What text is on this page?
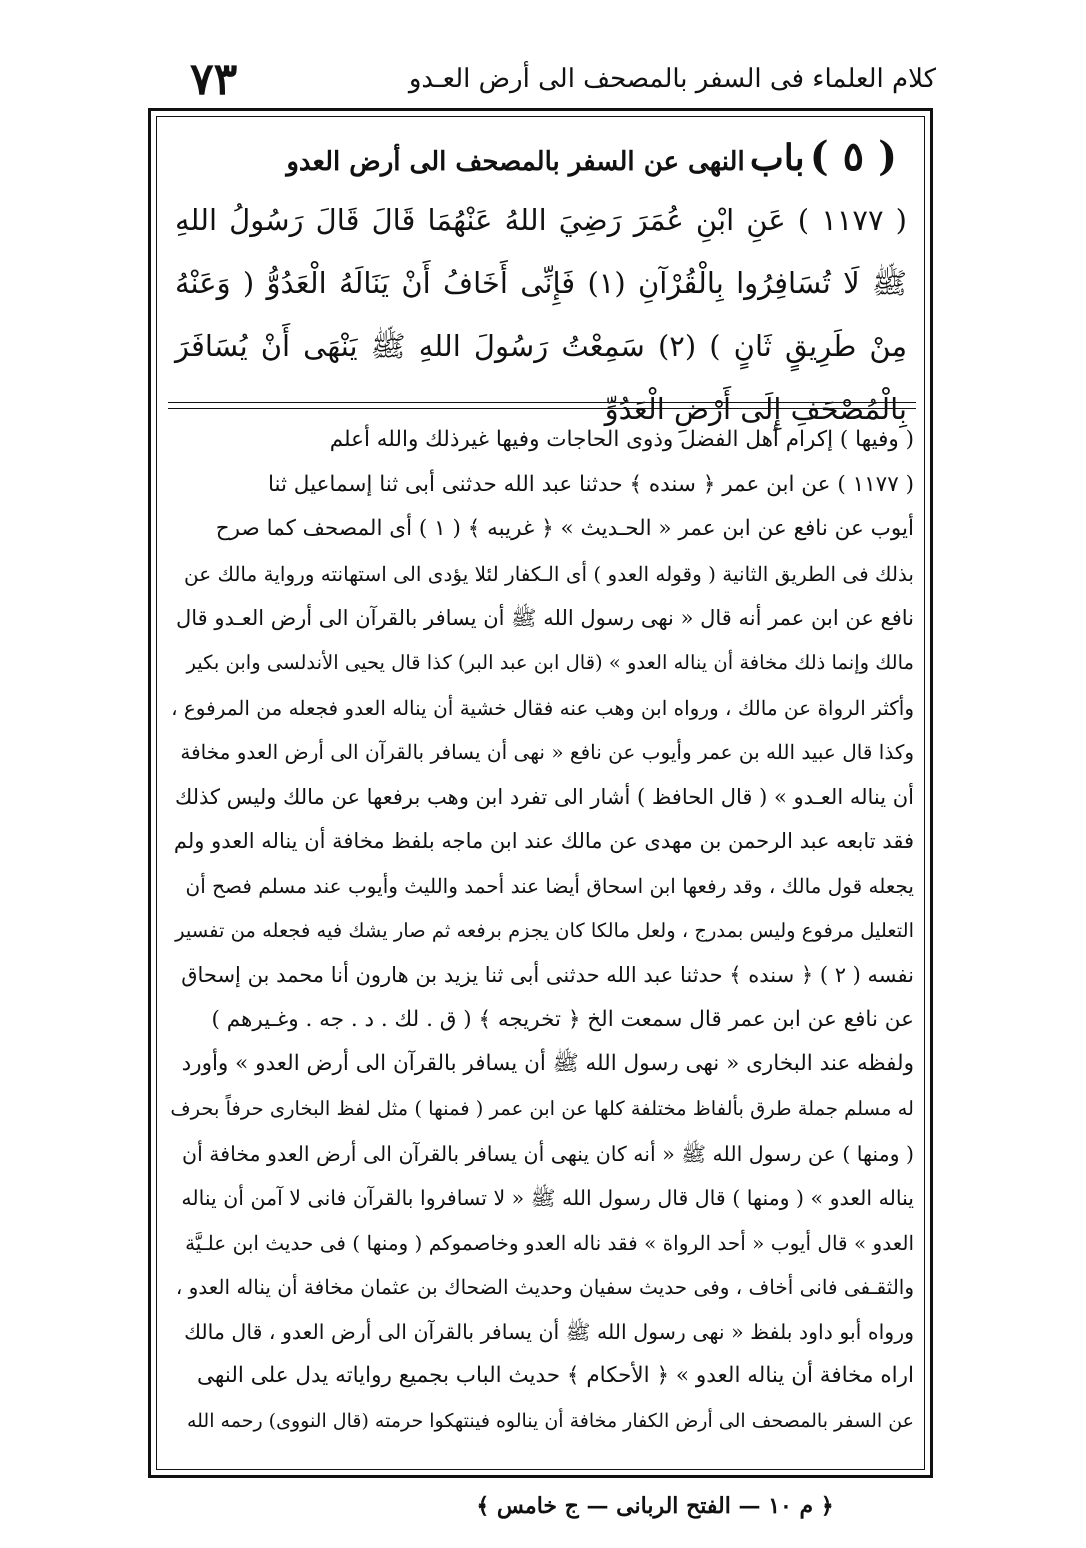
٧٣	كلام العلماء فى السفر بالمصحف الى أرض العـدو
( ٥ ) باب النهى عن السفر بالمصحف الى أرض العدو
( ١١٧٧ ) عَنِ ابْنِ عُمَرَ رَضِيَ اللهُ عَنْهُمَا قَالَ قَالَ رَسُولُ اللهِ ﷺ لَا تُسَافِرُوا بِالْقُرْآنِ (١) فَإِنِّى أَخَافُ أَنْ يَنَالَهُ الْعَدُوُّ ( وَعَنْهُ مِنْ طَرِيقٍ ثَانٍ ) (٢) سَمِعْتُ رَسُولَ اللهِ ﷺ يَنْهَى أَنْ يُسَافَرَ بِالْمُصْحَفِ إِلَى أَرْضِ الْعَدُوِّ
( وفيها ) إكرام أهل الفضل وذوى الحاجات وفيها غيرذلك والله أعلم
( ١١٧٧ ) عن ابن عمر ﴿ سنده ﴾ حدثنا عبد الله حدثنى أبى ثنا إسماعيل ثنا
أيوب عن نافع عن ابن عمر « الحـديث » ﴿ غريبه ﴾ ( ١ ) أى المصحف كما صرح
بذلك فى الطريق الثانية ( وقوله العدو ) أى الـكفار لئلا يؤدى الى استهانته ورواية مالك عن
نافع عن ابن عمر أنه قال « نهى رسول الله ﷺ أن يسافر بالقرآن الى أرض العـدو قال
مالك وإنما ذلك مخافة أن يناله العدو » (قال ابن عبد البر) كذا قال يحيى الأندلسى وابن بكير
وأكثر الرواة عن مالك ، ورواه ابن وهب عنه فقال خشية أن يناله العدو فجعله من المرفوع ،
وكذا قال عبيد الله بن عمر وأيوب عن نافع « نهى أن يسافر بالقرآن الى أرض العدو مخافة
أن يناله العـدو » ( قال الحافظ ) أشار الى تفرد ابن وهب برفعها عن مالك وليس كذلك
فقد تابعه عبد الرحمن بن مهدى عن مالك عند ابن ماجه بلفظ مخافة أن يناله العدو ولم
يجعله قول مالك ، وقد رفعها ابن اسحاق أيضا عند أحمد والليث وأيوب عند مسلم فصح أن
التعليل مرفوع وليس بمدرج ، ولعل مالكا كان يجزم برفعه ثم صار يشك فيه فجعله من تفسير
نفسه ( ٢ ) ﴿ سنده ﴾ حدثنا عبد الله حدثنى أبى ثنا يزيد بن هارون أنا محمد بن إسحاق
عن نافع عن ابن عمر قال سمعت الخ ﴿ تخريجه ﴾ ( ق . لك . د . جه . وغـيرهم )
ولفظه عند البخارى « نهى رسول الله ﷺ أن يسافر بالقرآن الى أرض العدو » وأورد
له مسلم جملة طرق بألفاظ مختلفة كلها عن ابن عمر ( فمنها ) مثل لفظ البخارى حرفاً بحرف
( ومنها ) عن رسول الله ﷺ « أنه كان ينهى أن يسافر بالقرآن الى أرض العدو مخافة أن
يناله العدو » ( ومنها ) قال قال رسول الله ﷺ « لا تسافروا بالقرآن فانى لا آمن أن يناله
العدو » قال أيوب « أحد الرواة » فقد ناله العدو وخاصموكم ( ومنها ) فى حديث ابن علـيَّة
والثقـفى فانى أخاف ، وفى حديث سفيان وحديث الضحاك بن عثمان مخافة أن يناله العدو ،
ورواه أبو داود بلفظ « نهى رسول الله ﷺ أن يسافر بالقرآن الى أرض العدو ، قال مالك
اراه مخافة أن يناله العدو » ﴿ الأحكام ﴾ حديث الباب بجميع رواياته يدل على النهى
عن السفر بالمصحف الى أرض الكفار مخافة أن ينالوه فينتهكوا حرمته (قال النووى) رحمه الله
﴿ م ١٠ — الفتح الربانى — ج خامس ﴾
